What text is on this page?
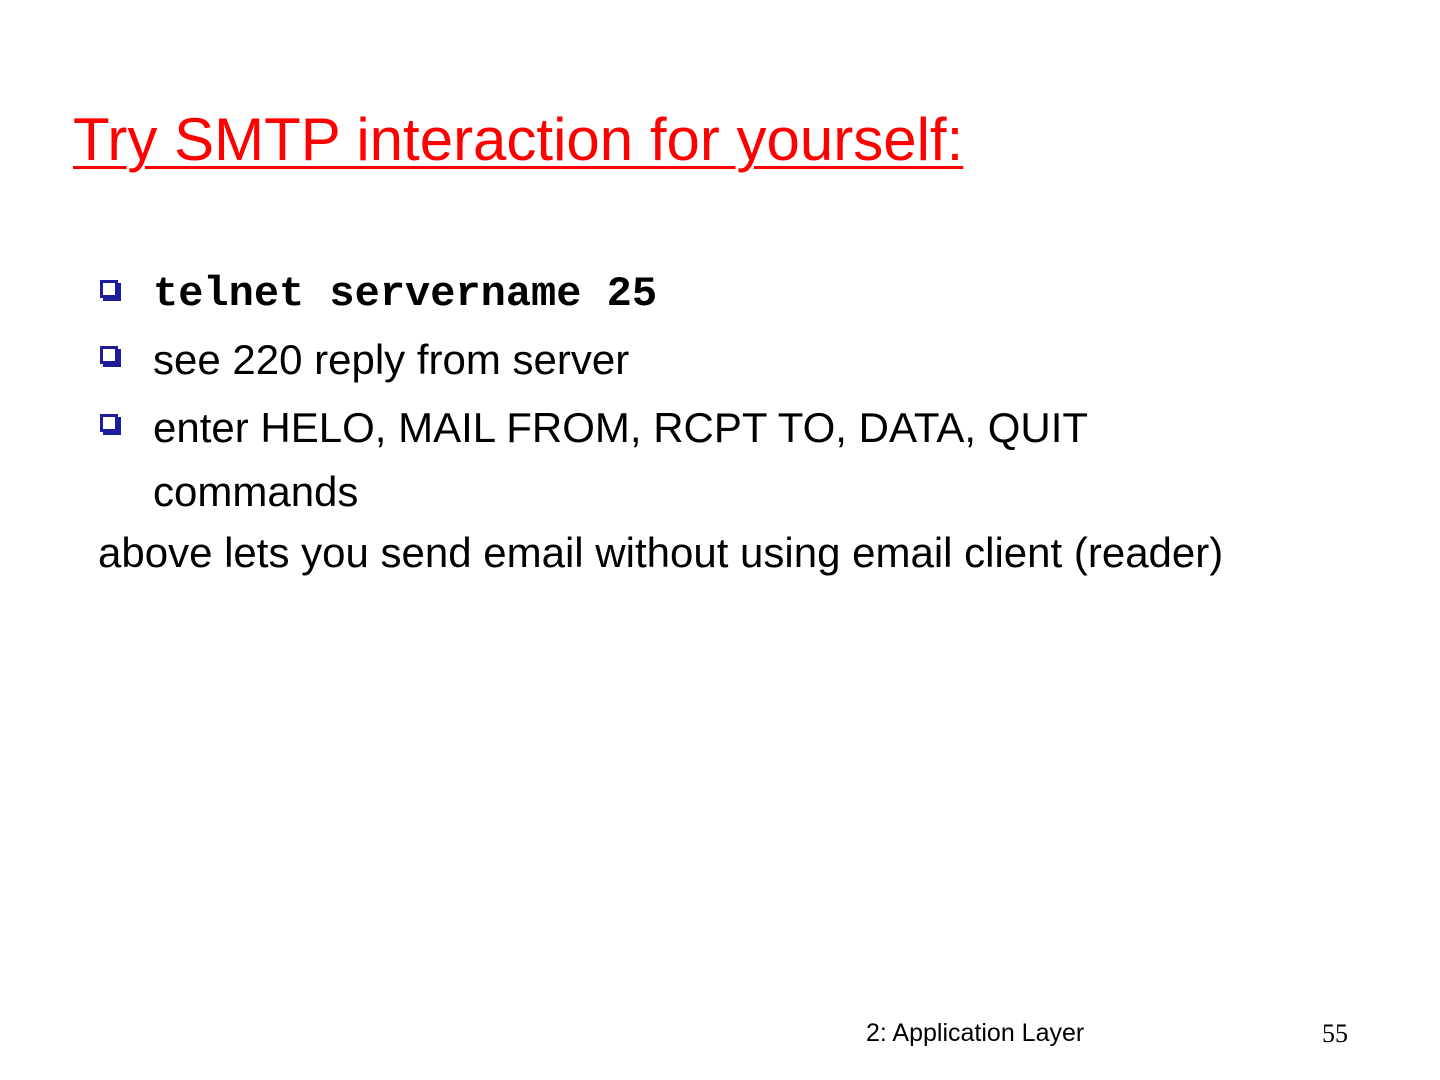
Try SMTP interaction for yourself:
telnet servername 25
see 220 reply from server
enter HELO, MAIL FROM, RCPT TO, DATA, QUIT commands
above lets you send email without using email client (reader)
2: Application Layer	55
